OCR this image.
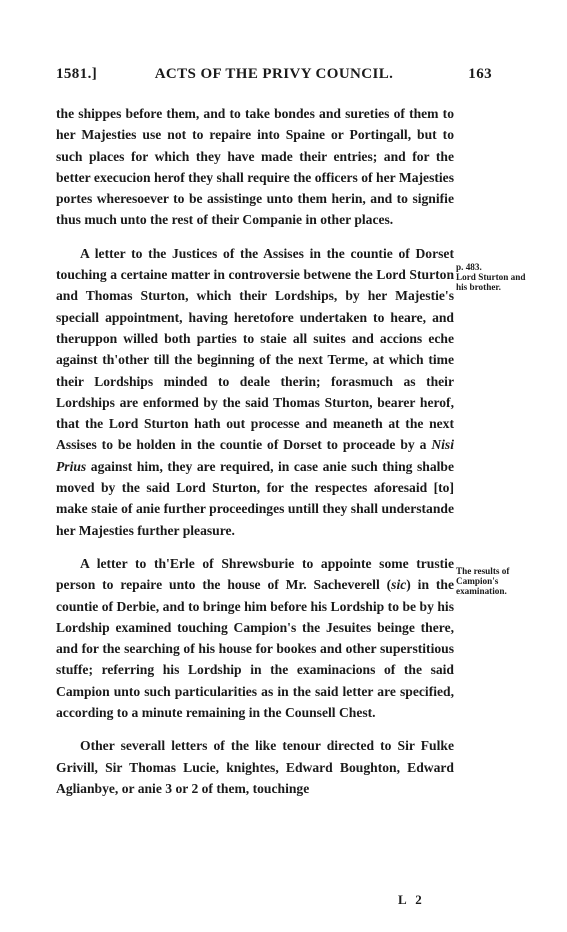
1581.]	ACTS OF THE PRIVY COUNCIL.	163

the shippes before them, and to take bondes and sureties of them to her Majesties use not to repaire into Spaine or Portingall, but to such places for which they have made their entries; and for the better execucion herof they shall require the officers of her Majesties portes wheresoever to be assistinge unto them herin, and to signifie thus much unto the rest of their Companie in other places.

A letter to the Justices of the Assises in the countie of Dorset touching a certaine matter in controversie betwene the Lord Sturton and Thomas Sturton, which their Lordships, by her Majestie's speciall appointment, having heretofore undertaken to heare, and theruppon willed both parties to staie all suites and accions eche against th'other till the beginning of the next Terme, at which time their Lordships minded to deale therin; forasmuch as their Lordships are enformed by the said Thomas Sturton, bearer herof, that the Lord Sturton hath out processe and meaneth at the next Assises to be holden in the countie of Dorset to proceade by a Nisi Prius against him, they are required, in case anie such thing shalbe moved by the said Lord Sturton, for the respectes aforesaid [to] make staie of anie further proceedinges untill they shall understande her Majesties further pleasure.

A letter to th'Erle of Shrewsburie to appointe some trustie person to repaire unto the house of Mr. Sacheverell (sic) in the countie of Derbie, and to bringe him before his Lordship to be by his Lordship examined touching Campion's the Jesuites beinge there, and for the searching of his house for bookes and other superstitious stuffe; referring his Lordship in the examinacions of the said Campion unto such particularities as in the said letter are specified, according to a minute remaining in the Counsell Chest.

Other severall letters of the like tenour directed to Sir Fulke Grivill, Sir Thomas Lucie, knightes, Edward Boughton, Edward Aglianbye, or anie 3 or 2 of them, touchinge

p. 483.
Lord Sturton and his brother.
The results of Campion's examination.
L 2
